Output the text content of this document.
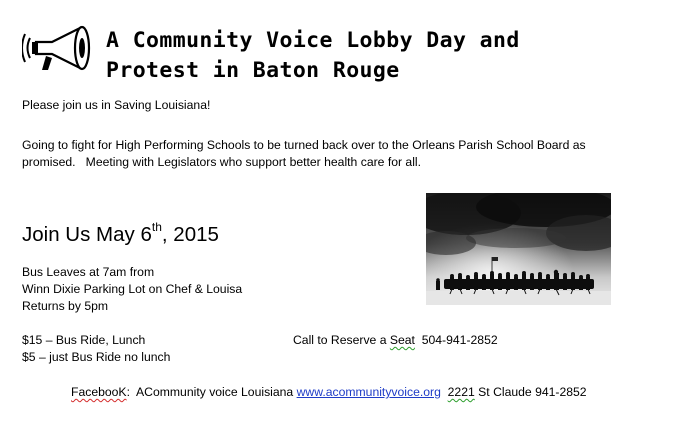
A Community Voice Lobby Day and
Protest in Baton Rouge
Please join us in Saving Louisiana!
Going to fight for High Performing Schools to be turned back over to the Orleans Parish School Board as
promised.   Meeting with Legislators who support better health care for all.
Join Us May 6th, 2015
Bus Leaves at 7am from
Winn Dixie Parking Lot on Chef & Louisa
Returns by 5pm
$15 – Bus Ride, Lunch
$5 – just Bus Ride no lunch
Call to Reserve a Seat  504-941-2852
FacebooK:  ACommunity voice Louisiana www.acommunityvoice.org 2221 St Claude 941-2852
